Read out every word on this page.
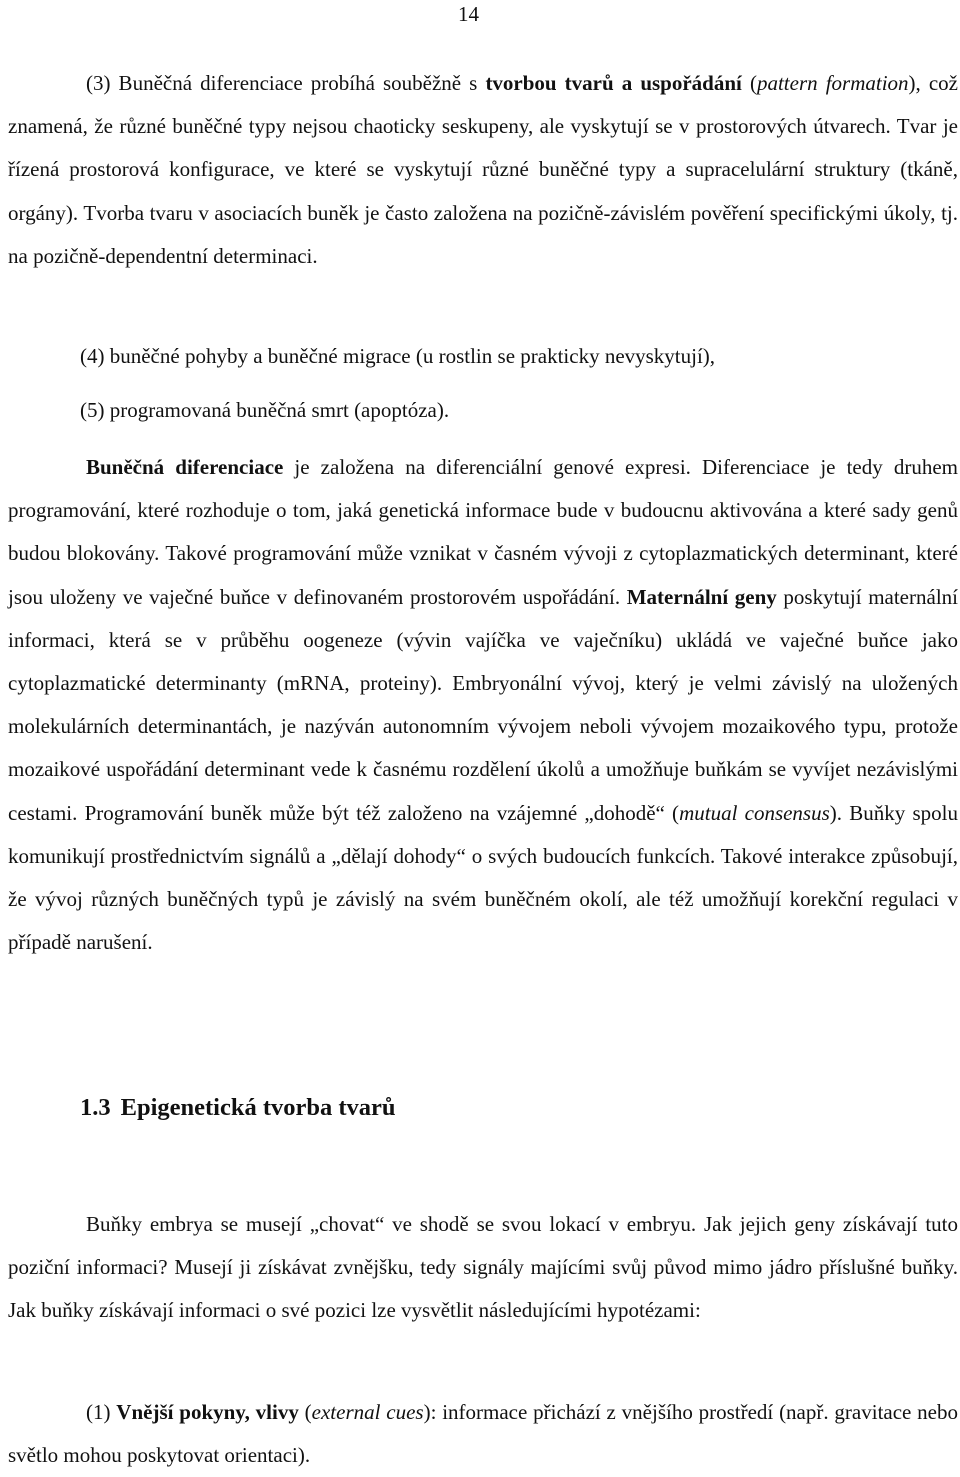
14

(3) Buněčná diferenciace probíhá souběžně s tvorbou tvarů a uspořádání (pattern formation), což znamená, že různé buněčné typy nejsou chaoticky seskupeny, ale vyskytují se v prostorových útvarech. Tvar je řízená prostorová konfigurace, ve které se vyskytují různé buněčné typy a supracelulární struktury (tkáně, orgány). Tvorba tvaru v asociacích buněk je často založena na pozičně-závislém pověření specifickými úkoly, tj. na pozičně-dependentní determinaci.

(4) buněčné pohyby a buněčné migrace (u rostlin se prakticky nevyskytují),

(5) programovaná buněčná smrt (apoptóza).

Buněčná diferenciace je založena na diferenciální genové expresi. Diferenciace je tedy druhem programování, které rozhoduje o tom, jaká genetická informace bude v budoucnu aktivována a které sady genů budou blokovány. Takové programování může vznikat v časném vývoji z cytoplazmatických determinant, které jsou uloženy ve vaječné buňce v definovaném prostorovém uspořádání. Maternální geny poskytují maternální informaci, která se v průběhu oogeneze (vývin vajíčka ve vaječníku) ukládá ve vaječné buňce jako cytoplazmatické determinanty (mRNA, proteiny). Embryonální vývoj, který je velmi závislý na uložených molekulárních determinantách, je nazýván autonomním vývojem neboli vývojem mozaikového typu, protože mozaikové uspořádání determinant vede k časnému rozdělení úkolů a umožňuje buňkám se vyvíjet nezávislými cestami. Programování buněk může být též založeno na vzájemné „dohodě“ (mutual consensus). Buňky spolu komunikují prostřednictvím signálů a „dělají dohody“ o svých budoucích funkcích. Takové interakce způsobují, že vývoj různých buněčných typů je závislý na svém buněčném okolí, ale též umožňují korekční regulaci v případě narušení.

1.3 Epigenetická tvorba tvarů

Buňky embrya se musejí „chovat“ ve shodě se svou lokací v embryu. Jak jejich geny získávají tuto poziční informaci? Musejí ji získávat zvnějšku, tedy signály majícími svůj původ mimo jádro příslušné buňky. Jak buňky získávají informaci o své pozici lze vysvětlit následujícími hypotézami:

(1) Vnější pokyny, vlivy (external cues): informace přichází z vnějšího prostředí (např. gravitace nebo světlo mohou poskytovat orientaci).
